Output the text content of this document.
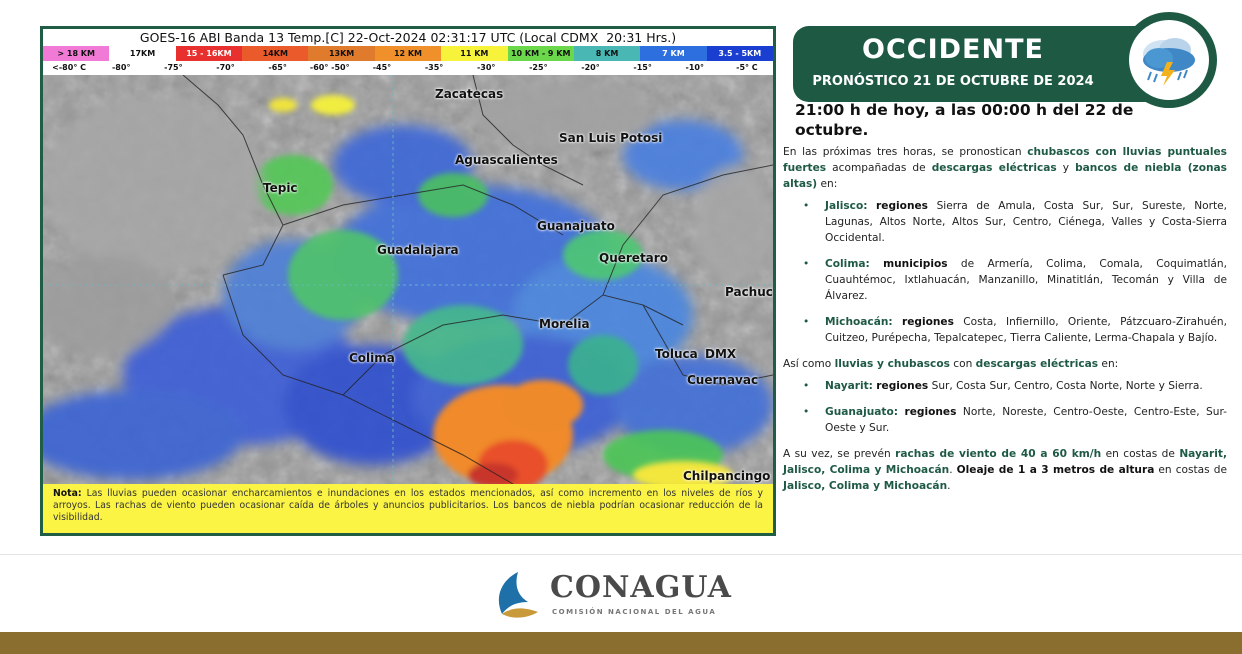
GOES-16 ABI Banda 13 Temp.[C] 22-Oct-2024 02:31:17 UTC (Local CDMX  20:31 Hrs.)
> 18 KM	17KM	15 - 16KM	14KM	13KM	12 KM	11 KM	10 KM - 9 KM	8 KM	7 KM	3.5 - 5KM
<-80° C	-80°	-75°	-70°	-65°	-60° -50°	-45°	-35°	-30°	-25°	-20°	-15°	-10°	-5° C
Zacatecas
San Luis Potosi
Aguascalientes
Tepic
Guanajuato
Guadalajara
Queretaro
Pachuc
Morelia
Colima	Toluca DMX
Cuernavac
Chilpancingo
Nota: Las lluvias pueden ocasionar encharcamientos e inundaciones en los estados mencionados, así como incremento en los niveles de ríos y arroyos. Las rachas de viento pueden ocasionar caída de árboles y anuncios publicitarios. Los bancos de niebla podrían ocasionar reducción de la visibilidad.
OCCIDENTE
PRONÓSTICO 21 DE OCTUBRE DE 2024
21:00 h de hoy, a las 00:00 h del 22 de octubre.

En las próximas tres horas, se pronostican chubascos con lluvias puntuales fuertes acompañadas de descargas eléctricas y bancos de niebla (zonas altas) en:

• Jalisco: regiones Sierra de Amula, Costa Sur, Sur, Sureste, Norte, Lagunas, Altos Norte, Altos Sur, Centro, Ciénega, Valles y Costa-Sierra Occidental.
• Colima: municipios de Armería, Colima, Comala, Coquimatlán, Cuauhtémoc, Ixtlahuacán, Manzanillo, Minatitlán, Tecomán y Villa de Álvarez.
• Michoacán: regiones Costa, Infiernillo, Oriente, Pátzcuaro-Zirahuén, Cuitzeo, Purépecha, Tepalcatepec, Tierra Caliente, Lerma-Chapala y Bajío.

Así como lluvias y chubascos con descargas eléctricas en:

• Nayarit: regiones Sur, Costa Sur, Centro, Costa Norte, Norte y Sierra.
• Guanajuato: regiones Norte, Noreste, Centro-Oeste, Centro-Este, Sur-Oeste y Sur.

A su vez, se prevén rachas de viento de 40 a 60 km/h en costas de Nayarit, Jalisco, Colima y Michoacán. Oleaje de 1 a 3 metros de altura en costas de Jalisco, Colima y Michoacán.

CONAGUA
COMISIÓN NACIONAL DEL AGUA
